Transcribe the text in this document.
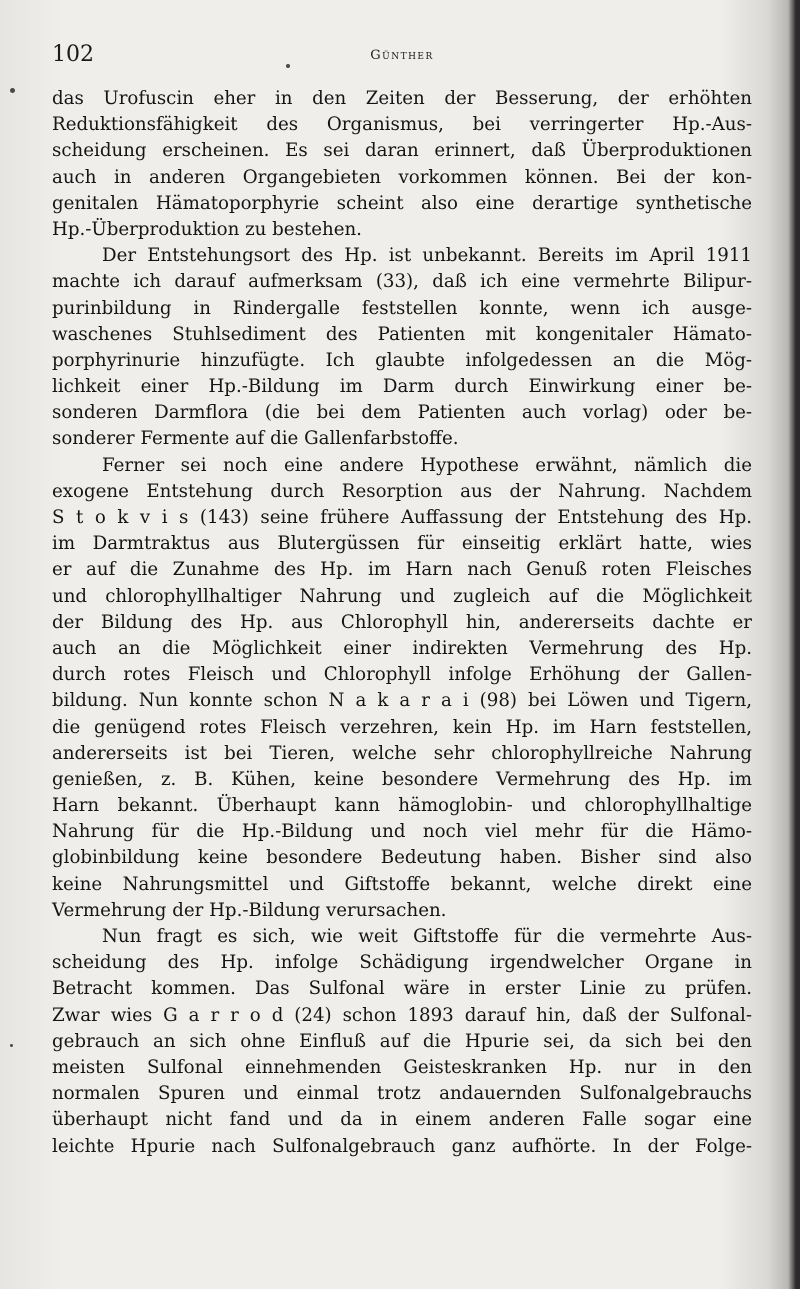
102	Günther
das Urofuscin eher in den Zeiten der Besserung, der erhöhten
Reduktionsfähigkeit des Organismus, bei verringerter Hp.-Aus-
scheidung erscheinen. Es sei daran erinnert, daß Überproduktionen
auch in anderen Organgebieten vorkommen können. Bei der kon-
genitalen Hämatoporphyrie scheint also eine derartige synthetische
Hp.-Überproduktion zu bestehen.
Der Entstehungsort des Hp. ist unbekannt. Bereits im April 1911
machte ich darauf aufmerksam (33), daß ich eine vermehrte Bilipur-
purinbildung in Rindergalle feststellen konnte, wenn ich ausge-
waschenes Stuhlsediment des Patienten mit kongenitaler Hämato-
porphyrinurie hinzufügte. Ich glaubte infolgedessen an die Mög-
lichkeit einer Hp.-Bildung im Darm durch Einwirkung einer be-
sonderen Darmflora (die bei dem Patienten auch vorlag) oder be-
sonderer Fermente auf die Gallenfarbstoffe.
Ferner sei noch eine andere Hypothese erwähnt, nämlich die
exogene Entstehung durch Resorption aus der Nahrung. Nachdem
S t o k v i s (143) seine frühere Auffassung der Entstehung des Hp.
im Darmtraktus aus Blutergüssen für einseitig erklärt hatte, wies
er auf die Zunahme des Hp. im Harn nach Genuß roten Fleisches
und chlorophyllhaltiger Nahrung und zugleich auf die Möglichkeit
der Bildung des Hp. aus Chlorophyll hin, andererseits dachte er
auch an die Möglichkeit einer indirekten Vermehrung des Hp.
durch rotes Fleisch und Chlorophyll infolge Erhöhung der Gallen-
bildung. Nun konnte schon N a k a r a i (98) bei Löwen und Tigern,
die genügend rotes Fleisch verzehren, kein Hp. im Harn feststellen,
andererseits ist bei Tieren, welche sehr chlorophyllreiche Nahrung
genießen, z. B. Kühen, keine besondere Vermehrung des Hp. im
Harn bekannt. Überhaupt kann hämoglobin- und chlorophyllhaltige
Nahrung für die Hp.-Bildung und noch viel mehr für die Hämo-
globinbildung keine besondere Bedeutung haben. Bisher sind also
keine Nahrungsmittel und Giftstoffe bekannt, welche direkt eine
Vermehrung der Hp.-Bildung verursachen.
Nun fragt es sich, wie weit Giftstoffe für die vermehrte Aus-
scheidung des Hp. infolge Schädigung irgendwelcher Organe in
Betracht kommen. Das Sulfonal wäre in erster Linie zu prüfen.
Zwar wies G a r r o d (24) schon 1893 darauf hin, daß der Sulfonal-
gebrauch an sich ohne Einfluß auf die Hpurie sei, da sich bei den
meisten Sulfonal einnehmenden Geisteskranken Hp. nur in den
normalen Spuren und einmal trotz andauernden Sulfonalgebrauchs
überhaupt nicht fand und da in einem anderen Falle sogar eine
leichte Hpurie nach Sulfonalgebrauch ganz aufhörte. In der Folge-
